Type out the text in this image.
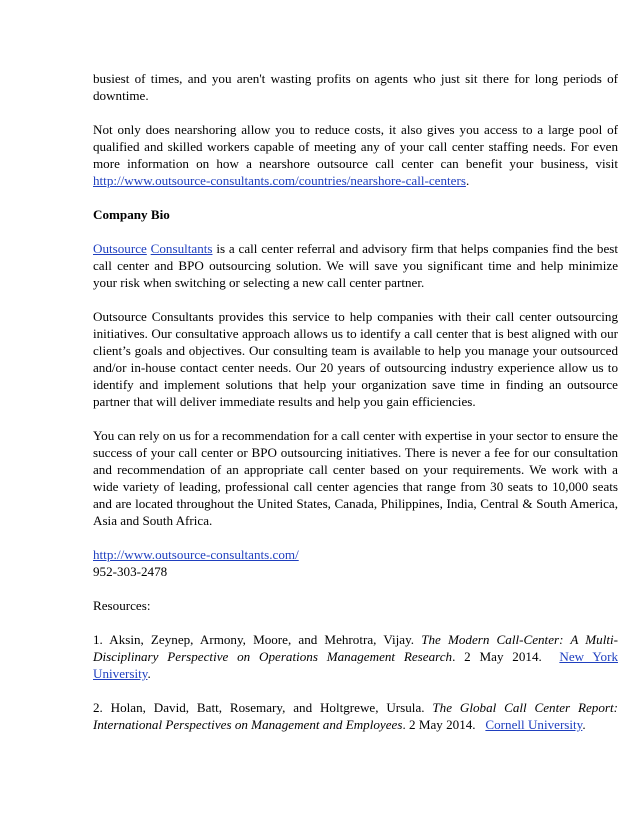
busiest of times, and you aren't wasting profits on agents who just sit there for long periods of
downtime.

Not only does nearshoring allow you to reduce costs, it also gives you access to a large pool of qualified and skilled workers capable of meeting any of your call center staffing needs. For even more information on how a nearshore outsource call center can benefit your business, visit http://www.outsource-consultants.com/countries/nearshore-call-centers.

Company Bio

Outsource Consultants is a call center referral and advisory firm that helps companies find the best call center and BPO outsourcing solution. We will save you significant time and help minimize your risk when switching or selecting a new call center partner.

Outsource Consultants provides this service to help companies with their call center outsourcing initiatives. Our consultative approach allows us to identify a call center that is best aligned with our client’s goals and objectives. Our consulting team is available to help you manage your outsourced and/or in-house contact center needs. Our 20 years of outsourcing industry experience allow us to identify and implement solutions that help your organization save time in finding an outsource partner that will deliver immediate results and help you gain efficiencies.

You can rely on us for a recommendation for a call center with expertise in your sector to ensure the success of your call center or BPO outsourcing initiatives. There is never a fee for our consultation and recommendation of an appropriate call center based on your requirements. We work with a wide variety of leading, professional call center agencies that range from 30 seats to 10,000 seats and are located throughout the United States, Canada, Philippines, India, Central & South America, Asia and South Africa.

http://www.outsource-consultants.com/
952-303-2478

Resources:

1. Aksin, Zeynep, Armony, Moore, and Mehrotra, Vijay. The Modern Call-Center: A Multi-Disciplinary Perspective on Operations Management Research. 2 May 2014.  New York University.

2. Holan, David, Batt, Rosemary, and Holtgrewe, Ursula. The Global Call Center Report: International Perspectives on Management and Employees. 2 May 2014.   Cornell University.
